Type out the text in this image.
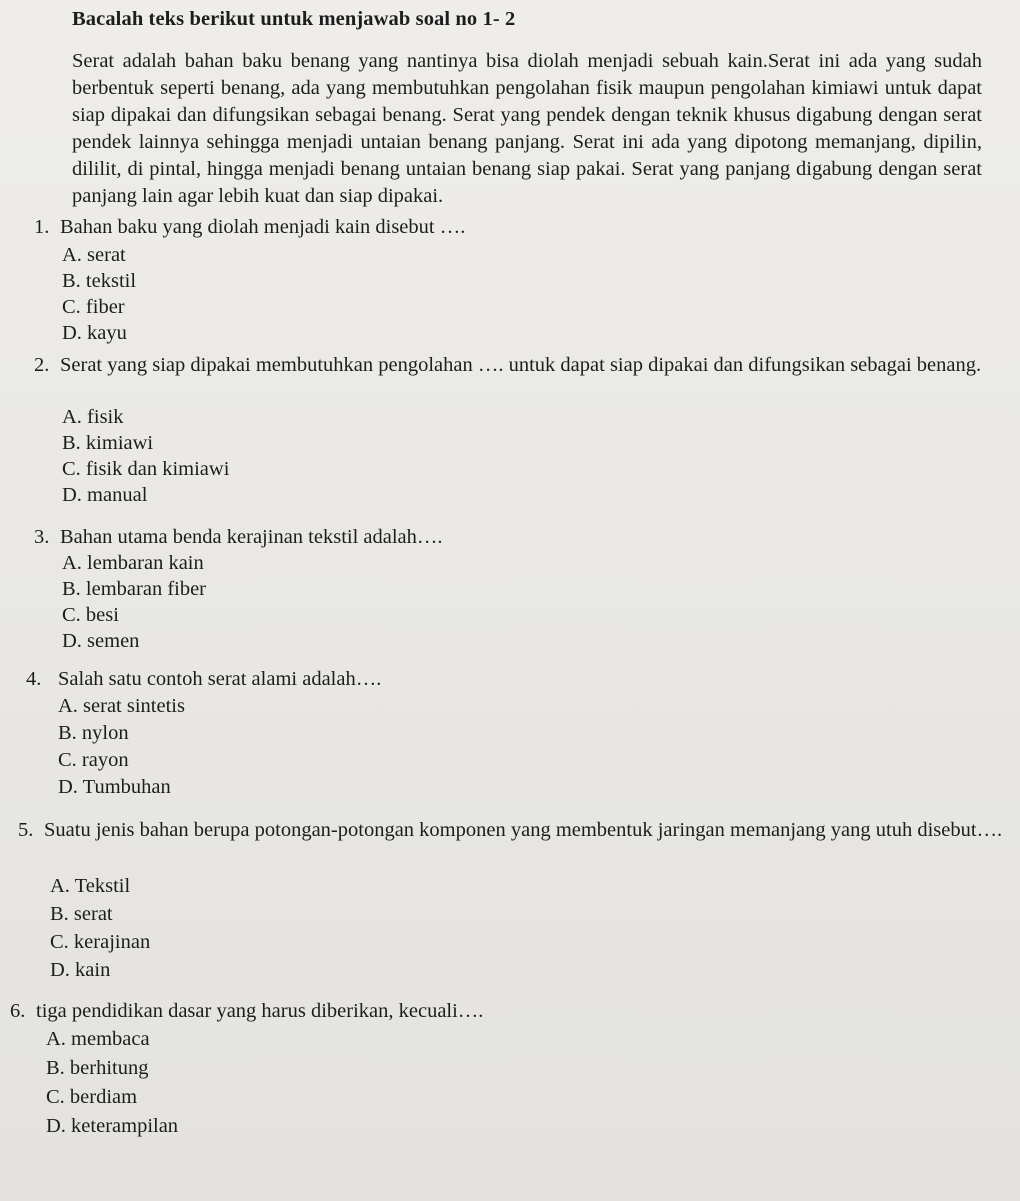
Bacalah teks berikut untuk menjawab soal no 1- 2
Serat adalah bahan baku benang yang nantinya bisa diolah menjadi sebuah kain.Serat ini ada yang sudah berbentuk seperti benang, ada yang membutuhkan pengolahan fisik maupun pengolahan kimiawi untuk dapat siap dipakai dan difungsikan sebagai benang. Serat yang pendek dengan teknik khusus digabung dengan serat pendek lainnya sehingga menjadi untaian benang panjang. Serat ini ada yang dipotong memanjang, dipilin, dililit, di pintal, hingga menjadi benang untaian benang siap pakai. Serat yang panjang digabung dengan serat panjang lain agar lebih kuat dan siap dipakai.
1. Bahan baku yang diolah menjadi kain disebut ….
A. serat
B. tekstil
C. fiber
D. kayu
2. Serat yang siap dipakai membutuhkan pengolahan …. untuk dapat siap dipakai dan difungsikan sebagai benang.
A. fisik
B. kimiawi
C. fisik dan kimiawi
D. manual
3. Bahan utama benda kerajinan tekstil adalah….
A. lembaran kain
B. lembaran fiber
C. besi
D. semen
4. Salah satu contoh serat alami adalah….
A. serat sintetis
B. nylon
C. rayon
D. Tumbuhan
5. Suatu jenis bahan berupa potongan-potongan komponen yang membentuk jaringan memanjang yang utuh disebut….
A. Tekstil
B. serat
C. kerajinan
D. kain
6. tiga pendidikan dasar yang harus diberikan, kecuali….
A. membaca
B. berhitung
C. berdiam
D. keterampilan
